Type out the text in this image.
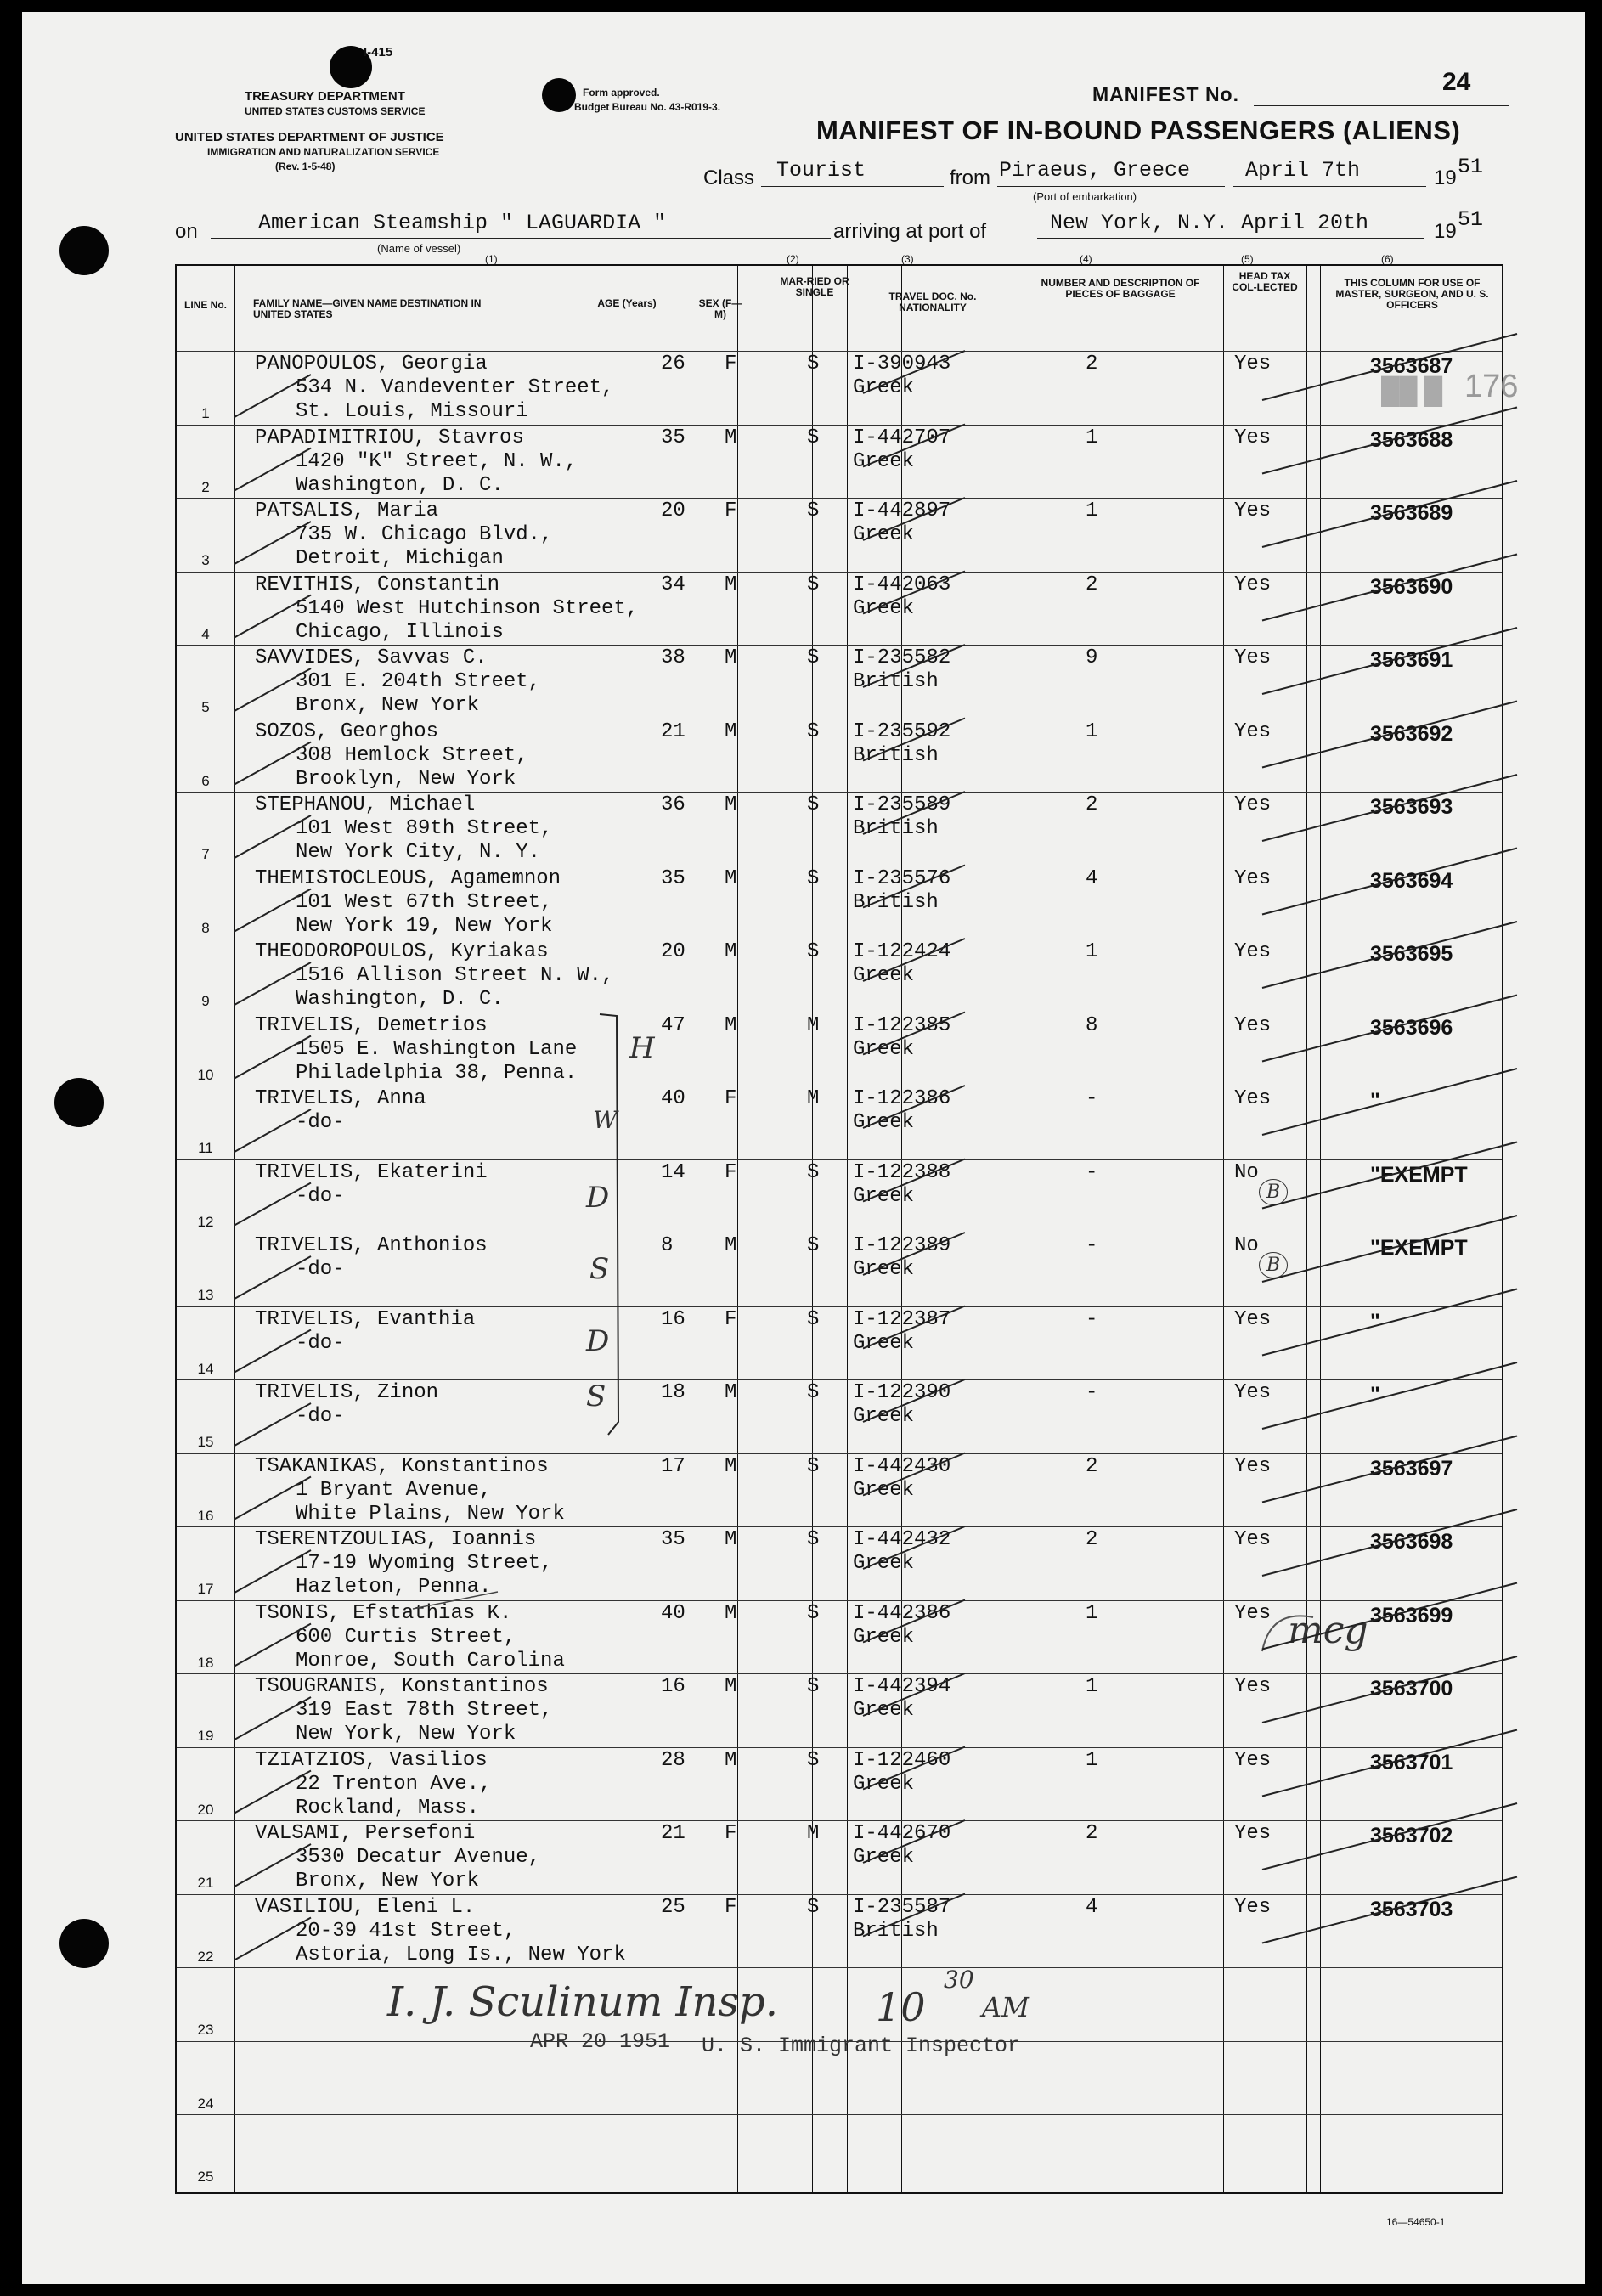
I-415
TREASURY DEPARTMENT
UNITED STATES CUSTOMS SERVICE
UNITED STATES DEPARTMENT OF JUSTICE
IMMIGRATION AND NATURALIZATION SERVICE
(Rev. 1-5-48)
Form approved.
Budget Bureau No. 43-R019-3.
MANIFEST No.	24
MANIFEST OF IN-BOUND PASSENGERS (ALIENS)
Class Tourist	from Piraeus, Greece
(Port of embarkation)
April 7th	19 51
on	American Steamship " LAGUARDIA "
(Name of vessel)
arriving at port of	New York, N.Y. April 20th	19 51
(1)	(2)	(3)	(4)	(5)	(6)
LINE No.	FAMILY NAME—GIVEN NAME DESTINATION IN UNITED STATES
AGE (Years)	SEX (F—M)
MAR-RIED OR SINGLE	TRAVEL DOC. No. NATIONALITY
NUMBER AND DESCRIPTION OF PIECES OF BAGGAGE
HEAD TAX COL-LECTED	THIS COLUMN FOR USE OF MASTER, SURGEON, AND U. S. OFFICERS
1
PANOPOULOS, Georgia
534 N. Vandeventer Street,
St. Louis, Missouri
26 F	S I-390943
Greek
2	Yes	3563687
2
PAPADIMITRIOU, Stavros
1420 "K" Street, N. W.,
Washington, D. C.
35 M	S I-442707
Greek
1	Yes	3563688
3
PATSALIS, Maria
735 W. Chicago Blvd.,
Detroit, Michigan
20 F	S I-442897
Greek
1	Yes	3563689
4
REVITHIS, Constantin
5140 West Hutchinson Street,
Chicago, Illinois
34 M	S I-442063
Greek
2	Yes	3563690
5
SAVVIDES, Savvas C.
301 E. 204th Street,
Bronx, New York
38 M	S I-235582
British
9	Yes	3563691
6
SOZOS, Georghos
308 Hemlock Street,
Brooklyn, New York
21 M	S I-235592
British
1	Yes	3563692
7
STEPHANOU, Michael
101 West 89th Street,
New York City, N. Y.
36 M	S I-235589
British
2	Yes	3563693
8
THEMISTOCLEOUS, Agamemnon
101 West 67th Street,
New York 19, New York
35 M	S I-235576
British
4	Yes	3563694
9
THEODOROPOULOS, Kyriakas
1516 Allison Street N. W.,
Washington, D. C.
20 M	S I-122424
Greek
1	Yes	3563695
10
TRIVELIS, Demetrios
1505 E. Washington Lane
Philadelphia 38, Penna.
47 M	M I-122385
Greek
8	Yes	3563696
11
TRIVELIS, Anna
-do-
40 F	M I-122386
Greek
-	Yes	"
12
TRIVELIS, Ekaterini
-do-
14 F	S I-122388
Greek
-	No	"EXEMPT
13
TRIVELIS, Anthonios
-do-
8	M	S I-122389
Greek
-	No	"EXEMPT
14
TRIVELIS, Evanthia
-do-
16 F	S I-122387
Greek
-	Yes	"
15
TRIVELIS, Zinon
-do-
18 M	S I-122390
Greek
-	Yes	"
16
TSAKANIKAS, Konstantinos
1 Bryant Avenue,
White Plains, New York
17 M	S I-442430
Greek
2	Yes	3563697
17
TSERENTZOULIAS, Ioannis
17-19 Wyoming Street,
Hazleton, Penna.
35 M	S I-442432
Greek
2	Yes	3563698
18
TSONIS, Efstathias K.
600 Curtis Street,
Monroe, South Carolina
40 M	S I-442386
Greek
1	Yes	3563699
19
TSOUGRANIS, Konstantinos
319 East 78th Street,
New York, New York
16 M	S I-442394
Greek
1	Yes	3563700
20
TZIATZIOS, Vasilios
22 Trenton Ave.,
Rockland, Mass.
28 M	S I-122460
Greek
1	Yes	3563701
21
VALSAMI, Persefoni
3530 Decatur Avenue,
Bronx, New York
21 F	M I-442670
Greek
2	Yes	3563702
22
VASILIOU, Eleni L.
20-39 41st Street,
Astoria, Long Is., New York
25 F	S I-235587
British
4	Yes	3563703
23
24
25
I. J. Sculinum Insp.	10
30
AM
APR 20 1951 U. S. Immigrant Inspector
mcg
16—54650-1
176
██ █
H
W
D
S
D
S
B
B
